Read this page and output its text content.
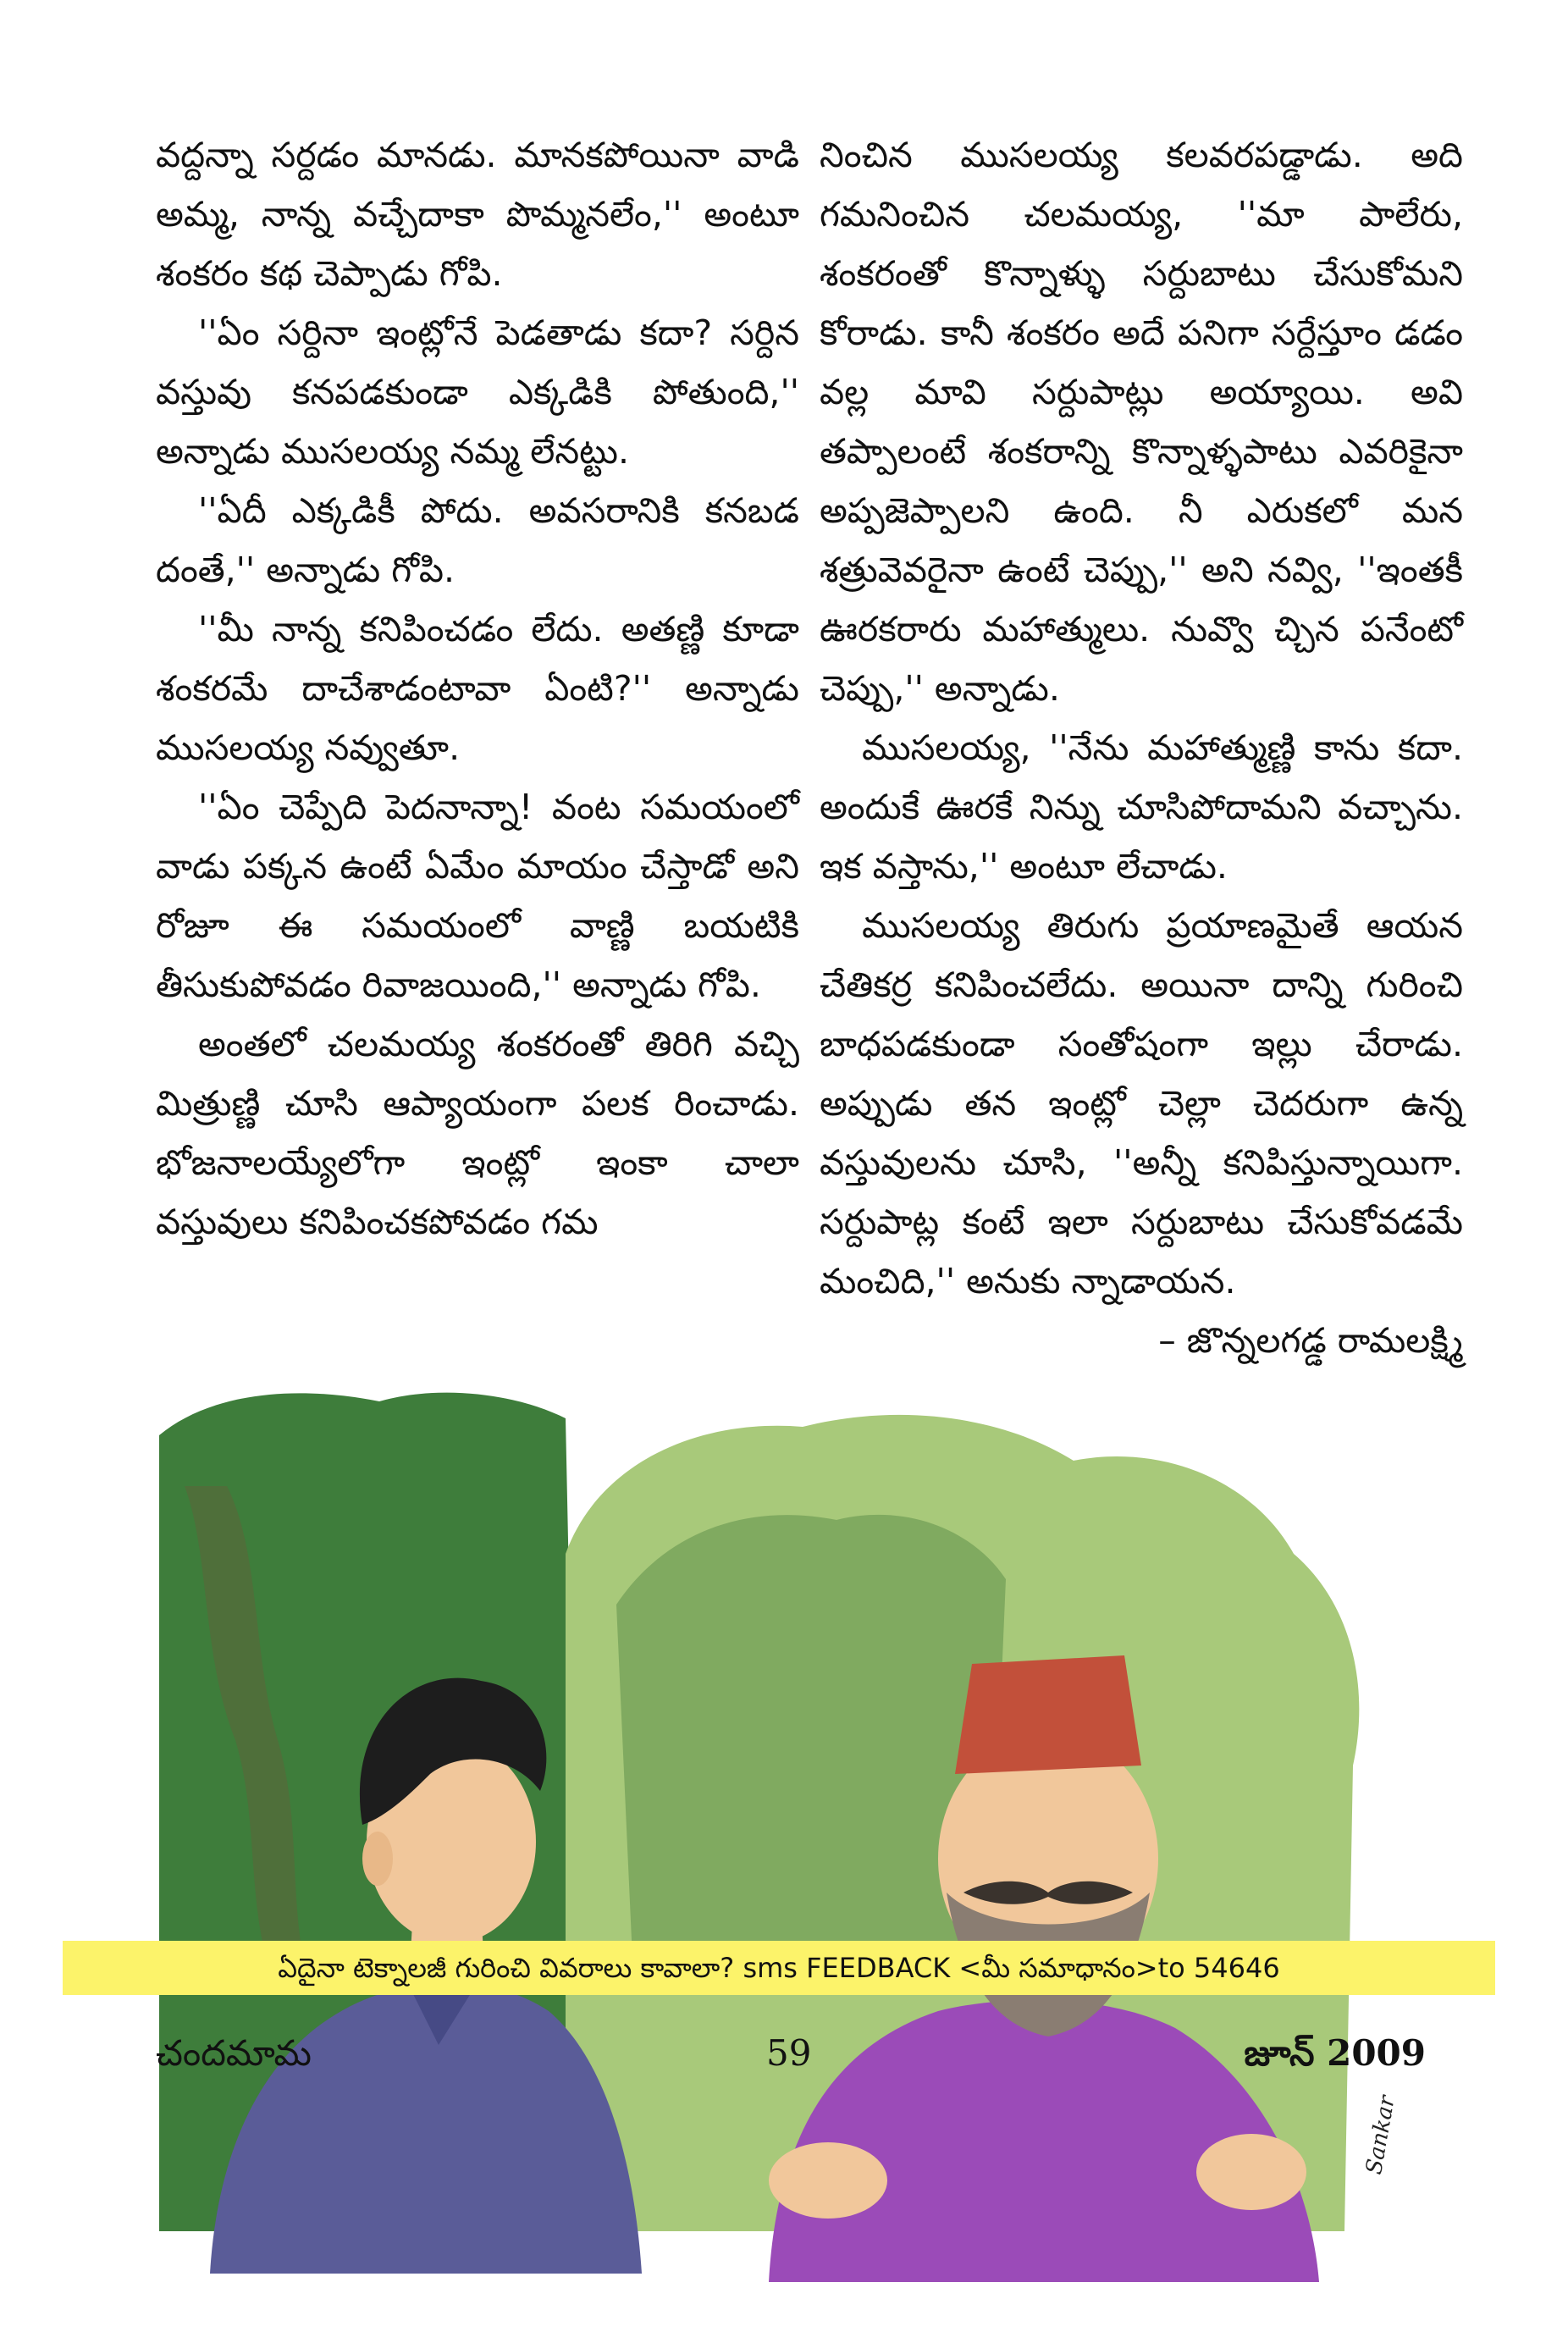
వద్దన్నా సర్దడం మానడు. మానకపోయినా వాడి అమ్మ, నాన్న వచ్చేదాకా పొమ్మనలేం,'' అంటూ శంకరం కథ చెప్పాడు గోపి.

''ఏం సర్దినా ఇంట్లోనే పెడతాడు కదా? సర్దిన వస్తువు కనపడకుండా ఎక్కడికి పోతుంది,'' అన్నాడు ముసలయ్య నమ్మ లేనట్టు.

''ఏదీ ఎక్కడికీ పోదు. అవసరానికి కనబడ దంతే,'' అన్నాడు గోపి.

''మీ నాన్న కనిపించడం లేదు. అతణ్ణి కూడా శంకరమే దాచేశాడంటావా ఏంటి?'' అన్నాడు ముసలయ్య నవ్వుతూ.

''ఏం చెప్పేది పెదనాన్నా! వంట సమయంలో వాడు పక్కన ఉంటే ఏమేం మాయం చేస్తాడో అని రోజూ ఈ సమయంలో వాణ్ణి బయటికి తీసుకుపోవడం రివాజయింది,'' అన్నాడు గోపి.

అంతలో చలమయ్య శంకరంతో తిరిగి వచ్చి మిత్రుణ్ణి చూసి ఆప్యాయంగా పలక రించాడు. భోజనాలయ్యేలోగా ఇంట్లో ఇంకా చాలా వస్తువులు కనిపించకపోవడం గమ

నించిన ముసలయ్య కలవరపడ్డాడు. అది గమనించిన చలమయ్య, ''మా పాలేరు, శంకరంతో కొన్నాళ్ళు సర్దుబాటు చేసుకోమని కోరాడు. కానీ శంకరం అదే పనిగా సర్దేస్తూం డడం వల్ల మావి సర్దుపాట్లు అయ్యాయి. అవి తప్పాలంటే శంకరాన్ని కొన్నాళ్ళపాటు ఎవరికైనా అప్పజెప్పాలని ఉంది. నీ ఎరుకలో మన శత్రువెవరైనా ఉంటే చెప్పు,'' అని నవ్వి, ''ఇంతకీ ఊరకరారు మహాత్ములు. నువ్వొ చ్చిన పనేంటో చెప్పు,'' అన్నాడు.

ముసలయ్య, ''నేను మహాత్ముణ్ణి కాను కదా. అందుకే ఊరకే నిన్ను చూసిపోదామని వచ్చాను. ఇక వస్తాను,'' అంటూ లేచాడు.

ముసలయ్య తిరుగు ప్రయాణమైతే ఆయన చేతికర్ర కనిపించలేదు. అయినా దాన్ని గురించి బాధపడకుండా సంతోషంగా ఇల్లు చేరాడు. అప్పుడు తన ఇంట్లో చెల్లా చెదరుగా ఉన్న వస్తువులను చూసి, ''అన్నీ కనిపిస్తున్నాయిగా. సర్దుపాట్ల కంటే ఇలా సర్దుబాటు చేసుకోవడమే మంచిది,'' అనుకు న్నాడాయన.
– జొన్నలగడ్డ రామలక్ష్మి

Sankar
ఏదైనా టెక్నాలజీ గురించి వివరాలు కావాలా? sms FEEDBACK <మీ సమాధానం>to 54646
చందమామ	59	జూన్ 2009
